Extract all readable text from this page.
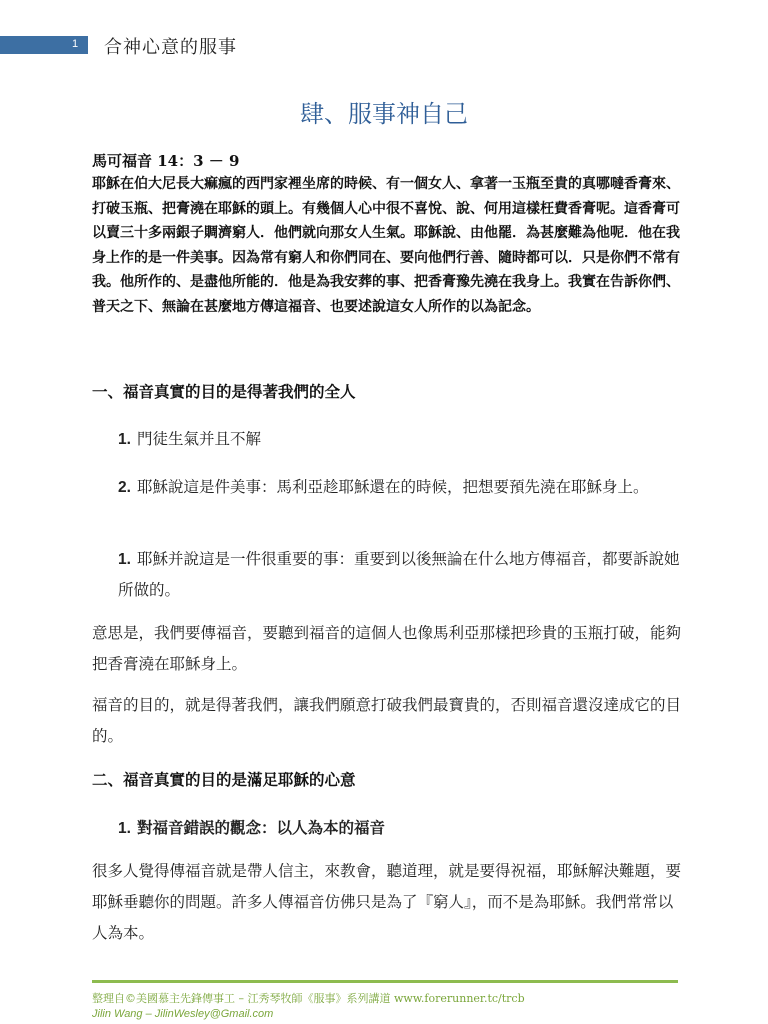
1 合神心意的服事
肆、服事神自己
馬可福音 14：3 － 9
耶穌在伯大尼長大痲瘋的西門家裡坐席的時候、有一個女人、拿著一玉瓶至貴的真哪噠香膏來、打破玉瓶、把膏澆在耶穌的頭上。有幾個人心中很不喜悅、說、何用這樣枉費香膏呢。這香膏可以賣三十多兩銀子賙濟窮人．他們就向那女人生氣。耶穌說、由他罷．為甚麼難為他呢．他在我身上作的是一件美事。因為常有窮人和你們同在、要向他們行善、隨時都可以．只是你們不常有我。他所作的、是盡他所能的．他是為我安葬的事、把香膏豫先澆在我身上。我實在告訴你們、普天之下、無論在甚麼地方傳這福音、也要述說這女人所作的以為記念。
一、福音真實的目的是得著我們的全人
1. 門徒生氣并且不解
2. 耶穌說這是件美事：馬利亞趁耶穌還在的時候，把想要預先澆在耶穌身上。
1. 耶穌并說這是一件很重要的事：重要到以後無論在什么地方傳福音，都要訴說她所做的。
意思是，我們要傳福音，要聽到福音的這個人也像馬利亞那樣把珍貴的玉瓶打破，能夠把香膏澆在耶穌身上。
福音的目的，就是得著我們，讓我們願意打破我們最寶貴的，否則福音還沒達成它的目的。
二、福音真實的目的是滿足耶穌的心意
1. 對福音錯誤的觀念：以人為本的福音
很多人覺得傳福音就是帶人信主，來教會，聽道理，就是要得祝福，耶穌解決難題，要耶穌垂聽你的問題。許多人傳福音仿佛只是為了『窮人』，而不是為耶穌。我們常常以人為本。
整理自©美國慕主先鋒傳事工 – 江秀琴牧師《服事》系列講道 www.forerunner.tc/trcb
Jilin Wang – JilinWesley@Gmail.com
